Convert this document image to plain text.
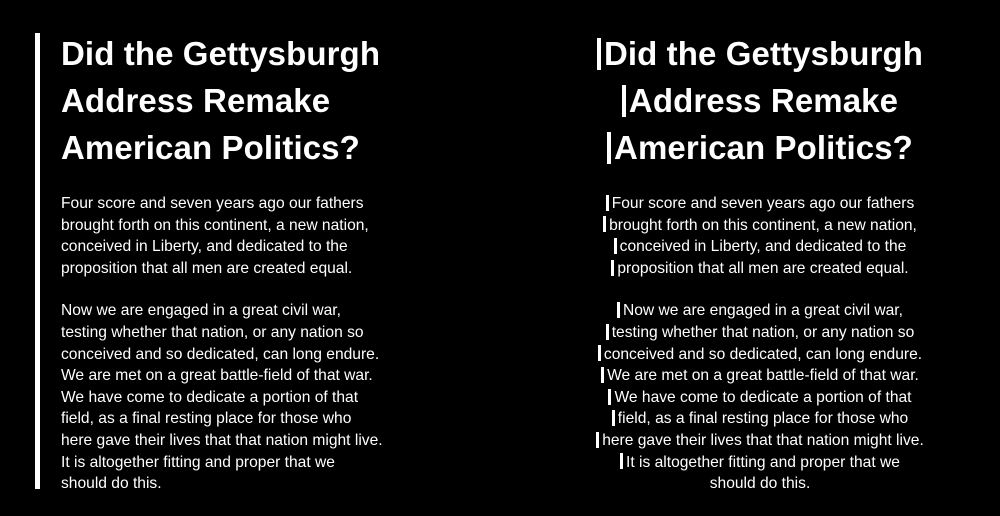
Did the Gettysburgh
Address Remake
American Politics?

Four score and seven years ago our fathers
brought forth on this continent, a new nation,
conceived in Liberty, and dedicated to the
proposition that all men are created equal.

Now we are engaged in a great civil war,
testing whether that nation, or any nation so
conceived and so dedicated, can long endure.
We are met on a great battle-field of that war.
We have come to dedicate a portion of that
field, as a final resting place for those who
here gave their lives that that nation might live.
It is altogether fitting and proper that we
should do this.

Did the Gettysburgh
Address Remake
American Politics?

Four score and seven years ago our fathers
brought forth on this continent, a new nation,
conceived in Liberty, and dedicated to the
proposition that all men are created equal.

Now we are engaged in a great civil war,
testing whether that nation, or any nation so
conceived and so dedicated, can long endure.
We are met on a great battle-field of that war.
We have come to dedicate a portion of that
field, as a final resting place for those who
here gave their lives that that nation might live.
It is altogether fitting and proper that we
should do this.
